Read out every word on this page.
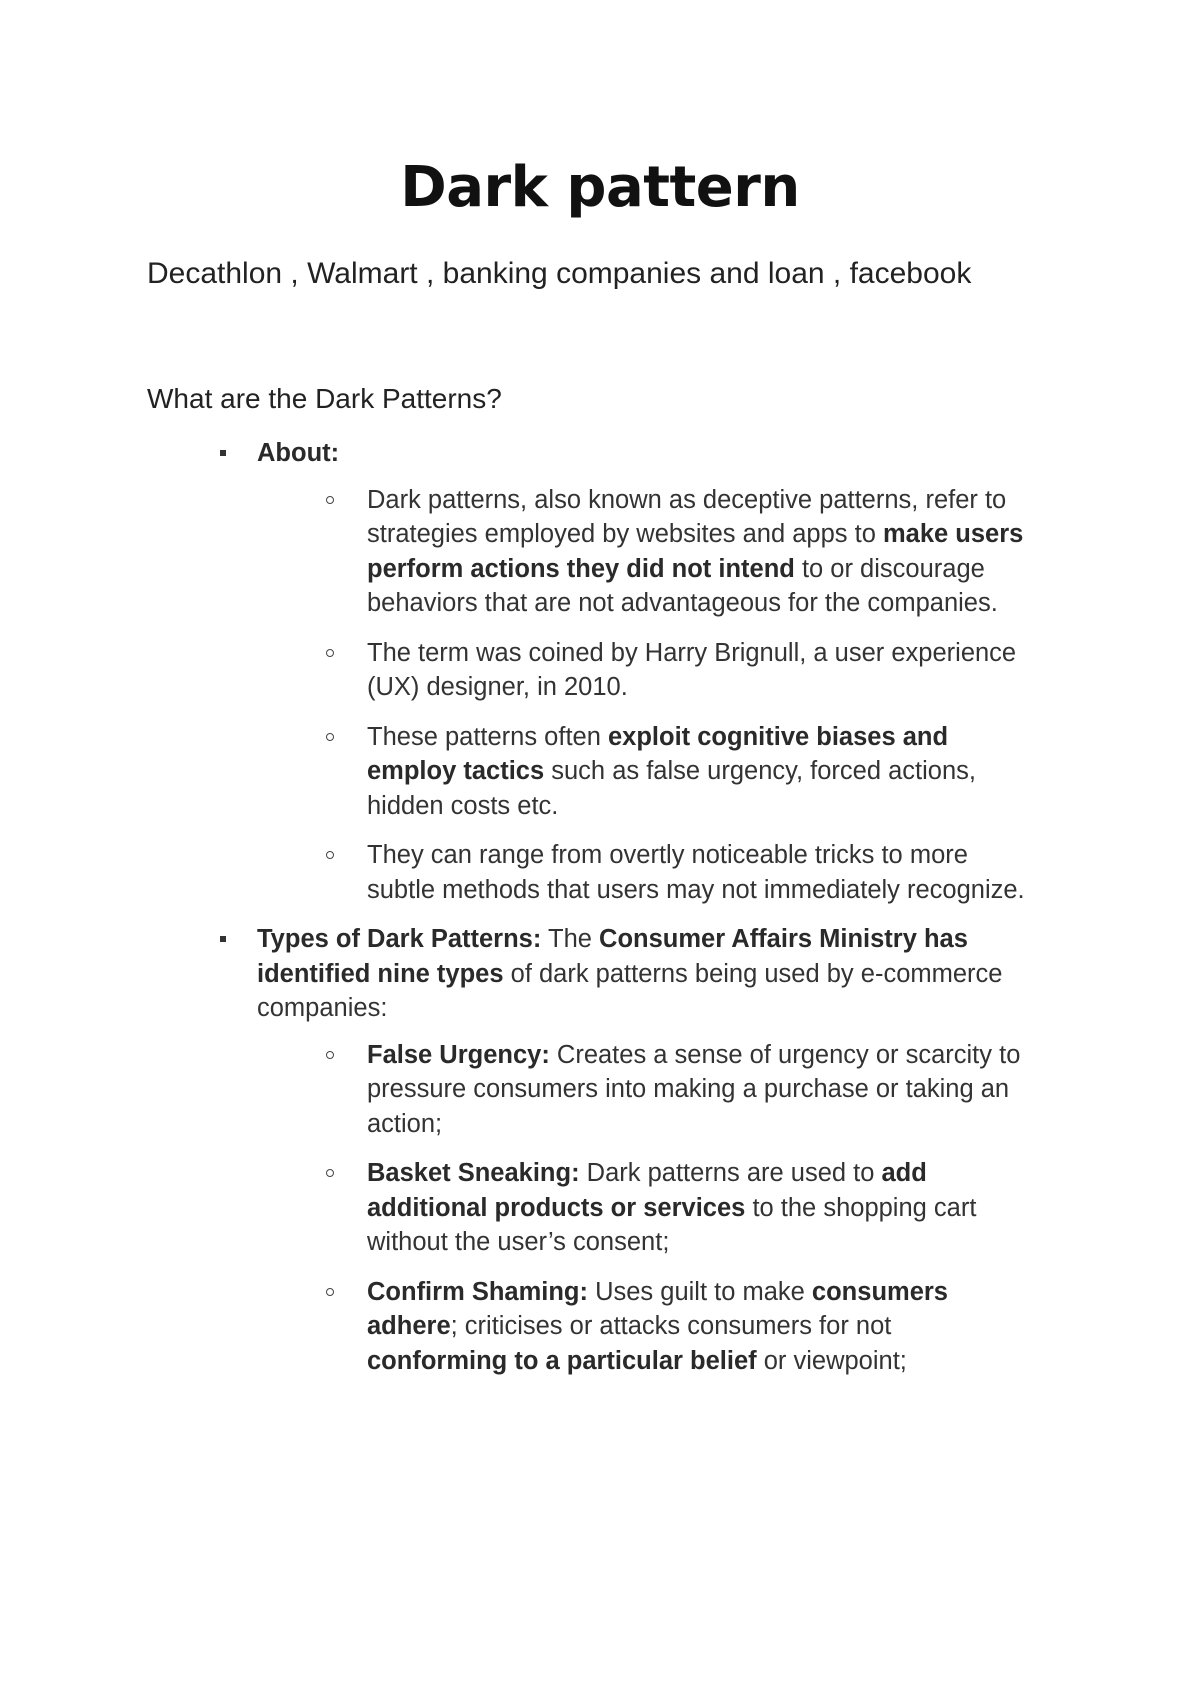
Dark pattern

Decathlon , Walmart , banking companies and loan , facebook

What are the Dark Patterns?

About:
Dark patterns, also known as deceptive patterns, refer to strategies employed by websites and apps to make users perform actions they did not intend to or discourage behaviors that are not advantageous for the companies.
The term was coined by Harry Brignull, a user experience (UX) designer, in 2010.
These patterns often exploit cognitive biases and employ tactics such as false urgency, forced actions, hidden costs etc.
They can range from overtly noticeable tricks to more subtle methods that users may not immediately recognize.
Types of Dark Patterns: The Consumer Affairs Ministry has identified nine types of dark patterns being used by e-commerce companies:
False Urgency: Creates a sense of urgency or scarcity to pressure consumers into making a purchase or taking an action;
Basket Sneaking: Dark patterns are used to add additional products or services to the shopping cart without the user’s consent;
Confirm Shaming: Uses guilt to make consumers adhere; criticises or attacks consumers for not conforming to a particular belief or viewpoint;
